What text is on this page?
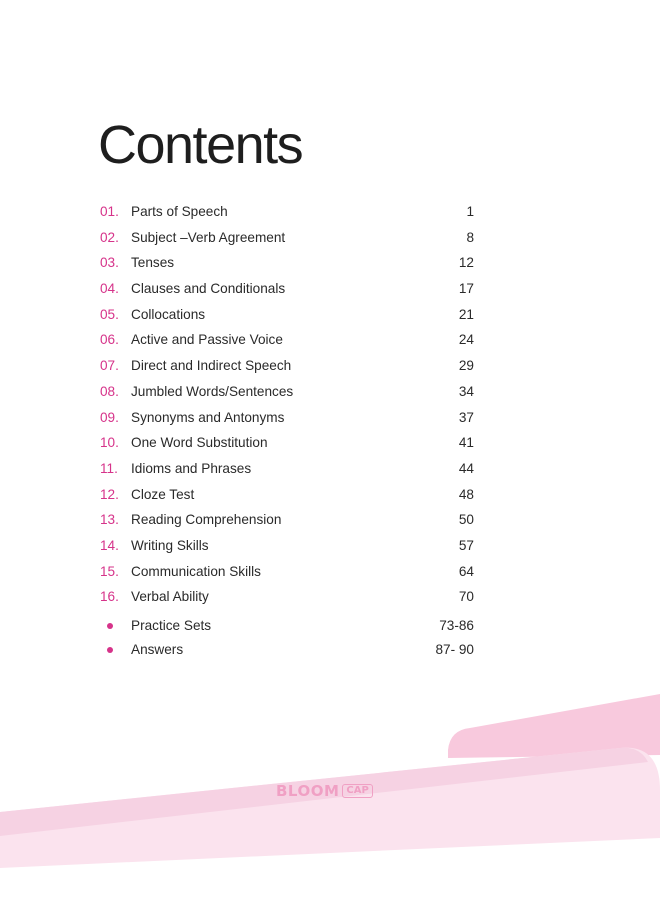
Contents
01. Parts of Speech	1
02. Subject –Verb Agreement	8
03. Tenses	12
04. Clauses and Conditionals	17
05. Collocations	21
06. Active and Passive Voice	24
07. Direct and Indirect Speech	29
08. Jumbled Words/Sentences	34
09. Synonyms and Antonyms	37
10. One Word Substitution	41
11. Idioms and Phrases	44
12. Cloze Test	48
13. Reading Comprehension	50
14. Writing Skills	57
15. Communication Skills	64
16. Verbal Ability	70
Practice Sets	73-86
Answers	87- 90
BLOOM CAP
